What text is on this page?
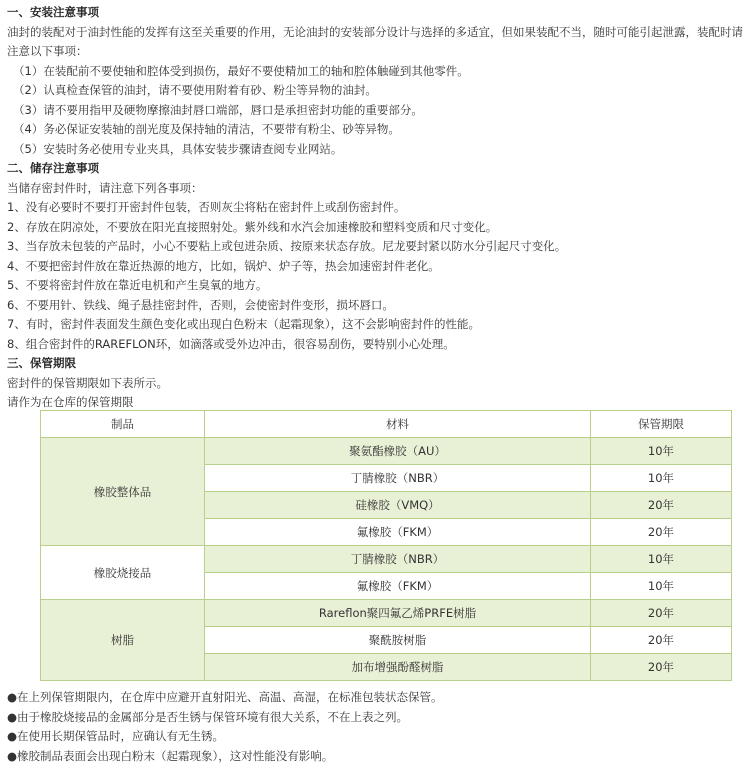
一、安装注意事项
油封的装配对于油封性能的发挥有这至关重要的作用，无论油封的安装部分设计与选择的多适宜，但如果装配不当，随时可能引起泄露，装配时请
注意以下事项：
（1）在装配前不要使轴和腔体受到损伤，最好不要使精加工的轴和腔体触碰到其他零件。
（2）认真检查保管的油封，请不要使用附着有砂、粉尘等异物的油封。
（3）请不要用指甲及硬物摩擦油封唇口端部，唇口是承担密封功能的重要部分。
（4）务必保证安装轴的剖光度及保持轴的清洁，不要带有粉尘、砂等异物。
（5）安装时务必使用专业夹具，具体安装步骤请查阅专业网站。
二、储存注意事项
当储存密封件时，请注意下列各事项：
1、没有必要时不要打开密封件包装，否则灰尘将粘在密封件上或刮伤密封件。
2、存放在阴凉处，不要放在阳光直接照射处。紫外线和水汽会加速橡胶和塑料变质和尺寸变化。
3、当存放未包装的产品时，小心不要粘上或包进杂质、按原来状态存放。尼龙要封紧以防水分引起尺寸变化。
4、不要把密封件放在靠近热源的地方，比如，锅炉、炉子等，热会加速密封件老化。
5、不要将密封件放在靠近电机和产生臭氧的地方。
6、不要用针、铁线、绳子悬挂密封件，否则，会使密封件变形，损坏唇口。
7、有时，密封件表面发生颜色变化或出现白色粉末（起霜现象），这不会影响密封件的性能。
8、组合密封件的RAREFLON环，如滴落或受外边冲击，很容易刮伤，要特别小心处理。
三、保管期限
密封件的保管期限如下表所示。
请作为在仓库的保管期限
制品	材料	保管期限
橡胶整体品	聚氨酯橡胶（AU）	10年
	丁腈橡胶（NBR）	10年
	硅橡胶（VMQ）	20年
	氟橡胶（FKM）	20年
橡胶烧接品	丁腈橡胶（NBR）	10年
	氟橡胶（FKM）	10年
树脂	Rareflon聚四氟乙烯PRFE树脂	20年
	聚酰胺树脂	20年
	加布增强酚醛树脂	20年
●在上列保管期限内，在仓库中应避开直射阳光、高温、高湿，在标准包装状态保管。
●由于橡胶烧接品的金属部分是否生锈与保管环境有很大关系，不在上表之列。
●在使用长期保管品时，应确认有无生锈。
●橡胶制品表面会出现白粉末（起霜现象），这对性能没有影响。
